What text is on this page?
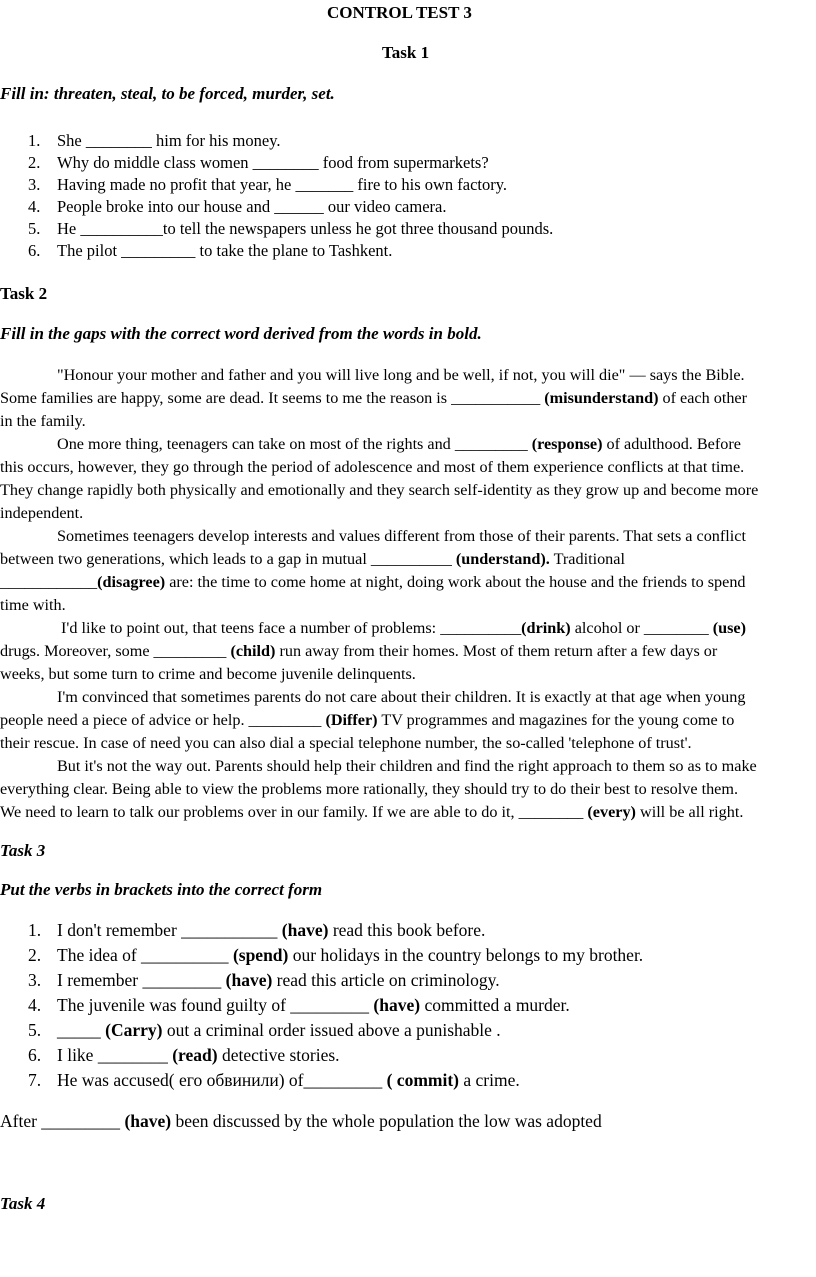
CONTROL TEST 3
Task 1
Fill in: threaten, steal, to be forced, murder, set.
1. She ________ him for his money.
2. Why do middle class women ________ food from supermarkets?
3. Having made no profit that year, he _______ fire to his own factory.
4. People broke into our house and ______ our video camera.
5. He __________to tell the newspapers unless he got three thousand pounds.
6. The pilot _________ to take the plane to Tashkent.
Task 2
Fill in the gaps with the correct word derived from the words in bold.
"Honour your mother and father and you will live long and be well, if not, you will die" — says the Bible.
Some families are happy, some are dead. It seems to me the reason is ___________ (misunderstand) of each other
in the family.
One more thing, teenagers can take on most of the rights and _________ (response) of adulthood. Before
this occurs, however, they go through the period of adolescence and most of them experience conflicts at that time.
They change rapidly both physically and emotionally and they search self-identity as they grow up and become more
independent.
Sometimes teenagers develop interests and values different from those of their parents. That sets a conflict
between two generations, which leads to a gap in mutual __________ (understand). Traditional
____________(disagree) are: the time to come home at night, doing work about the house and the friends to spend
time with.
I'd like to point out, that teens face a number of problems: __________(drink) alcohol or ________ (use)
drugs. Moreover, some _________ (child) run away from their homes. Most of them return after a few days or
weeks, but some turn to crime and become juvenile delinquents.
I'm convinced that sometimes parents do not care about their children. It is exactly at that age when young
people need a piece of advice or help. _________ (Differ) TV programmes and magazines for the young come to
their rescue. In case of need you can also dial a special telephone number, the so-called 'telephone of trust'.
But it's not the way out. Parents should help their children and find the right approach to them so as to make
everything clear. Being able to view the problems more rationally, they should try to do their best to resolve them.
We need to learn to talk our problems over in our family. If we are able to do it, ________ (every) will be all right.
Task 3
Put the verbs in brackets into the correct form
1. I don't remember ___________ (have) read this book before.
2. The idea of __________ (spend) our holidays in the country belongs to my brother.
3. I remember _________ (have) read this article on criminology.
4. The juvenile was found guilty of _________ (have) committed a murder.
5. _____ (Carry) out a criminal order issued above a punishable .
6. I like ________ (read) detective stories.
7. He was accused( его обвинили) of_________ ( commit) a crime.
After _________ (have) been discussed by the whole population the low was adopted
Task 4
